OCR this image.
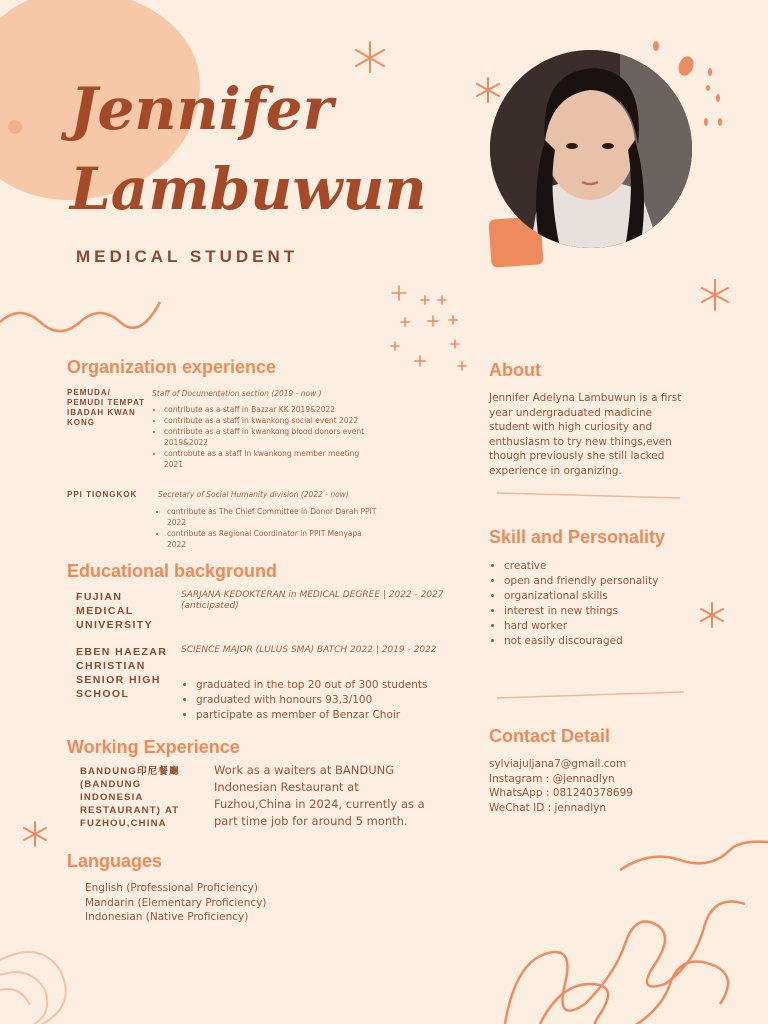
Jennifer
Lambuwun
MEDICAL STUDENT
Organization experience
PEMUDA/ PEMUDI TEMPAT IBADAH KWAN KONG
Staff of Documentation section (2019 - now )
• contribute as a staff in Bazzar KK 2019&2022
• contribute as a staff in kwankong social event 2022
• contribute as a staff in kwankong blood donors event 2019&2022
• controbute as a staff In kwankong member meeting 2021
PPI TIONGKOK	Secretary of Social Humanity division (2022 - now)
• contribute as The Chief Committee in Donor Darah PPIT 2022
• contribute as Regional Coordinator in PPIT Menyapa 2022
Educational background
FUJIAN MEDICAL UNIVERSITY
SARJANA KEDOKTERAN in MEDICAL DEGREE | 2022 - 2027 (anticipated)
EBEN HAEZAR CHRISTIAN SENIOR HIGH SCHOOL
SCIENCE MAJOR (LULUS SMA) BATCH 2022 | 2019 - 2022
• graduated in the top 20 out of 300 students
• graduated with honours 93,3/100
• participate as member of Benzar Choir
Working Experience
BANDUNG印尼餐廳 (BANDUNG INDONESIA RESTAURANT) AT FUZHOU,CHINA
Work as a waiters at BANDUNG Indonesian Restaurant at Fuzhou,China in 2024, currently as a part time job for around 5 month.
Languages
English (Professional Proficiency)
Mandarin (Elementary Proficiency)
Indonesian (Native Proficiency)
About
Jennifer Adelyna Lambuwun is a first year undergraduated madicine student with high curiosity and enthusiasm to try new things,even though previously she still lacked experience in organizing.
Skill and Personality
• creative
• open and friendly personality
• organizational skills
• interest in new things
• hard worker
• not easily discouraged
Contact Detail
sylviajuljana7@gmail.com
Instagram : @jennadlyn
WhatsApp : 081240378699
WeChat ID : jennadlyn
